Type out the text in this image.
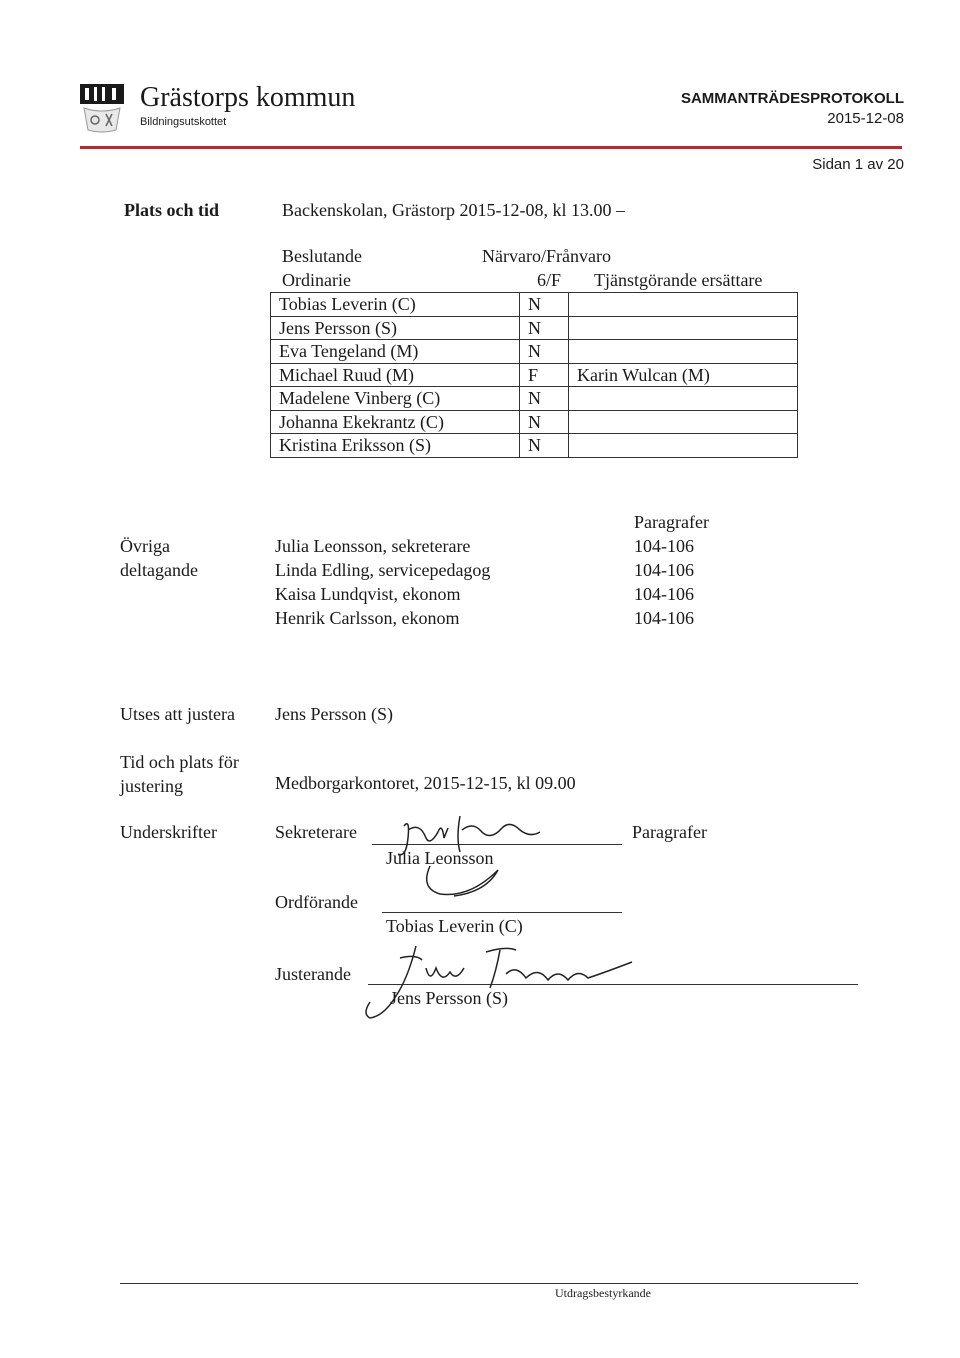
Grästorps kommun
Bildningsutskottet
SAMMANTRÄDESPROTOKOLL
2015-12-08
Sidan 1 av 20
Plats och tid	Backenskolan, Grästorp 2015-12-08, kl 13.00 –
Beslutande	Närvaro/Frånvaro
Ordinarie	6/F Tjänstgörande ersättare
Tobias Leverin (C)	N	
Jens Persson (S)	N	
Eva Tengeland (M)	N	
Michael Ruud (M)	F	Karin Wulcan (M)
Madelene Vinberg (C)	N	
Johanna Ekekrantz (C)	N	
Kristina Eriksson (S)	N	
Paragrafer
Övriga
deltagande
Julia Leonsson, sekreterare	104-106
Linda Edling, servicepedagog	104-106
Kaisa Lundqvist, ekonom	104-106
Henrik Carlsson, ekonom	104-106
Utses att justera Jens Persson (S)
Tid och plats för
justering	Medborgarkontoret, 2015-12-15, kl 09.00
Underskrifter	Sekreterare	Paragrafer
Julia Leonsson
Ordförande
Tobias Leverin (C)
Justerande
Jens Persson (S)
Utdragsbestyrkande
